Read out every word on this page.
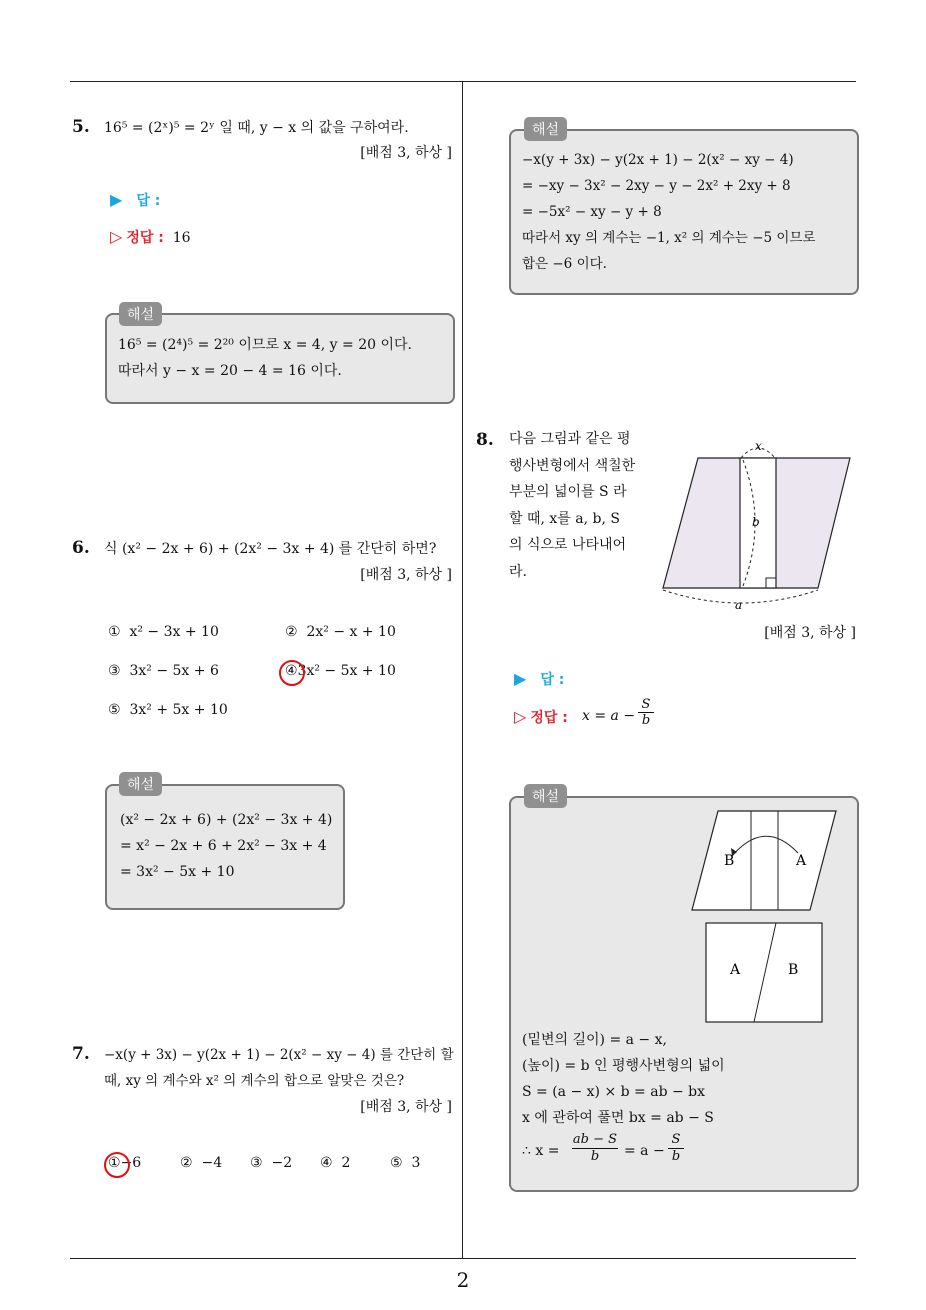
2
5. 16⁵ = (2ˣ)⁵ = 2ʸ 일 때, y − x 의 값을 구하여라.
[배점 3, 하상 ]
▶ 답 :
▷ 정답 : 16
해설
16⁵ = (2⁴)⁵ = 2²⁰ 이므로 x = 4, y = 20 이다.
따라서 y − x = 20 − 4 = 16 이다.
6. 식 (x² − 2x + 6) + (2x² − 3x + 4) 를 간단히 하면?
[배점 3, 하상 ]
① x² − 3x + 10	② 2x² − x + 10
③ 3x² − 5x + 6	④3x² − 5x + 10
⑤ 3x² + 5x + 10
해설
(x² − 2x + 6) + (2x² − 3x + 4)
= x² − 2x + 6 + 2x² − 3x + 4
= 3x² − 5x + 10
7. −x(y + 3x) − y(2x + 1) − 2(x² − xy − 4) 를 간단히 할
때, xy 의 계수와 x² 의 계수의 합으로 알맞은 것은?
[배점 3, 하상 ]
①−6	② −4 ③ −2 ④ 2	⑤ 3
해설
−x(y + 3x) − y(2x + 1) − 2(x² − xy − 4)
= −xy − 3x² − 2xy − y − 2x² + 2xy + 8
= −5x² − xy − y + 8
따라서 xy 의 계수는 −1, x² 의 계수는 −5 이므로
합은 −6 이다.
8. 다음 그림과 같은 평
행사변형에서 색칠한
부분의 넓이를 S 라
할 때, x를 a, b, S
의 식으로 나타내어
라.
x
b
a
[배점 3, 하상 ]
▶ 답 :
▷ 정답 : $x = a - \frac{S}{b}$
해설
B	A
A	B
(밑변의 길이) = a − x,
(높이) = b 인 평행사변형의 넓이
S = (a − x) × b = ab − bx
x 에 관하여 풀면 bx = ab − S
∴ $x = \frac{ab - S}{b} = a - \frac{S}{b}$
